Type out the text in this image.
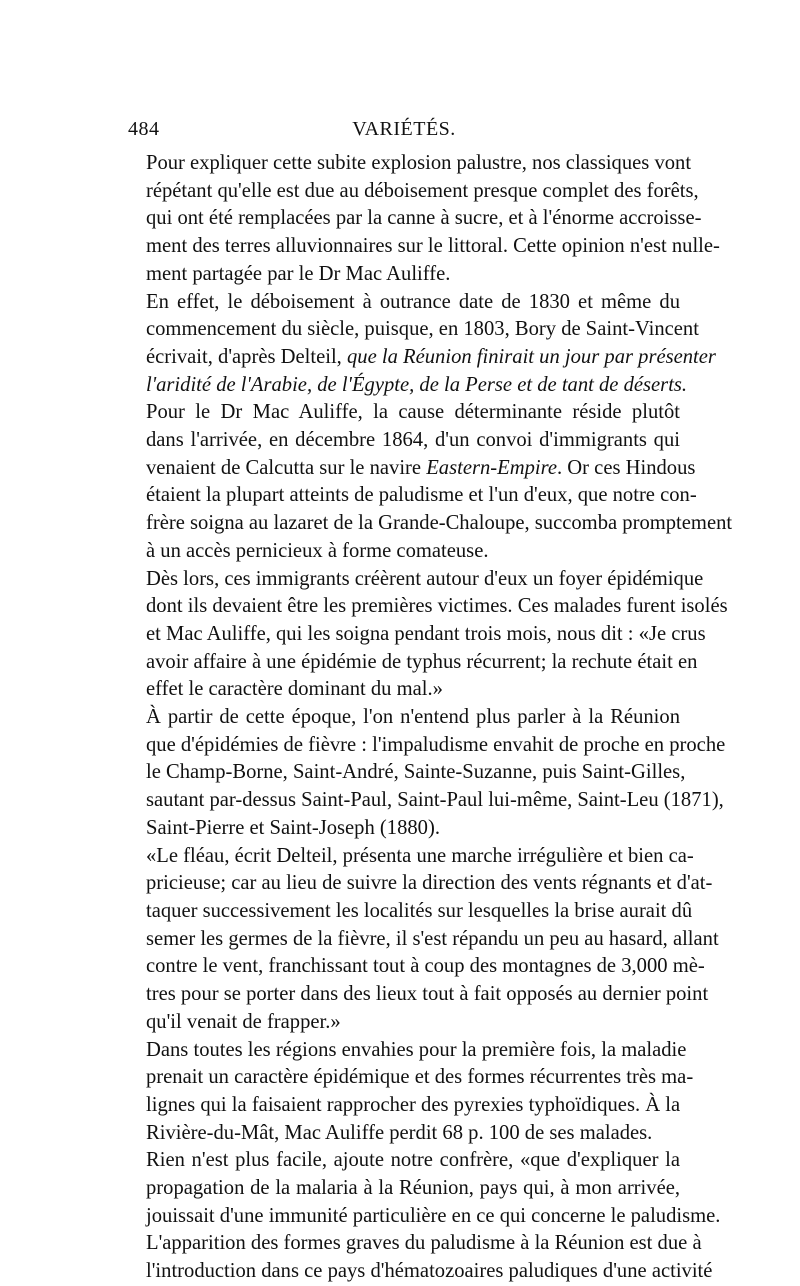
484	VARIÉTÉS.

Pour expliquer cette subite explosion palustre, nos classiques vont
répétant qu'elle est due au déboisement presque complet des forêts,
qui ont été remplacées par la canne à sucre, et à l'énorme accroisse-
ment des terres alluvionnaires sur le littoral. Cette opinion n'est nulle-
ment partagée par le Dr Mac Auliffe.

En effet, le déboisement à outrance date de 1830 et même du
commencement du siècle, puisque, en 1803, Bory de Saint-Vincent
écrivait, d'après Delteil, que la Réunion finirait un jour par présenter
l'aridité de l'Arabie, de l'Égypte, de la Perse et de tant de déserts.

Pour le Dr Mac Auliffe, la cause déterminante réside plutôt
dans l'arrivée, en décembre 1864, d'un convoi d'immigrants qui
venaient de Calcutta sur le navire Eastern-Empire. Or ces Hindous
étaient la plupart atteints de paludisme et l'un d'eux, que notre con-
frère soigna au lazaret de la Grande-Chaloupe, succomba promptement
à un accès pernicieux à forme comateuse.

Dès lors, ces immigrants créèrent autour d'eux un foyer épidémique
dont ils devaient être les premières victimes. Ces malades furent isolés
et Mac Auliffe, qui les soigna pendant trois mois, nous dit : «Je crus
avoir affaire à une épidémie de typhus récurrent; la rechute était en
effet le caractère dominant du mal.»

À partir de cette époque, l'on n'entend plus parler à la Réunion
que d'épidémies de fièvre : l'impaludisme envahit de proche en proche
le Champ-Borne, Saint-André, Sainte-Suzanne, puis Saint-Gilles,
sautant par-dessus Saint-Paul, Saint-Paul lui-même, Saint-Leu (1871),
Saint-Pierre et Saint-Joseph (1880).

«Le fléau, écrit Delteil, présenta une marche irrégulière et bien ca-
pricieuse; car au lieu de suivre la direction des vents régnants et d'at-
taquer successivement les localités sur lesquelles la brise aurait dû
semer les germes de la fièvre, il s'est répandu un peu au hasard, allant
contre le vent, franchissant tout à coup des montagnes de 3,000 mè-
tres pour se porter dans des lieux tout à fait opposés au dernier point
qu'il venait de frapper.»

Dans toutes les régions envahies pour la première fois, la maladie
prenait un caractère épidémique et des formes récurrentes très ma-
lignes qui la faisaient rapprocher des pyrexies typhoïdiques. À la
Rivière-du-Mât, Mac Auliffe perdit 68 p. 100 de ses malades.

Rien n'est plus facile, ajoute notre confrère, «que d'expliquer la
propagation de la malaria à la Réunion, pays qui, à mon arrivée,
jouissait d'une immunité particulière en ce qui concerne le paludisme.
L'apparition des formes graves du paludisme à la Réunion est due à
l'introduction dans ce pays d'hématozoaires paludiques d'une activité
